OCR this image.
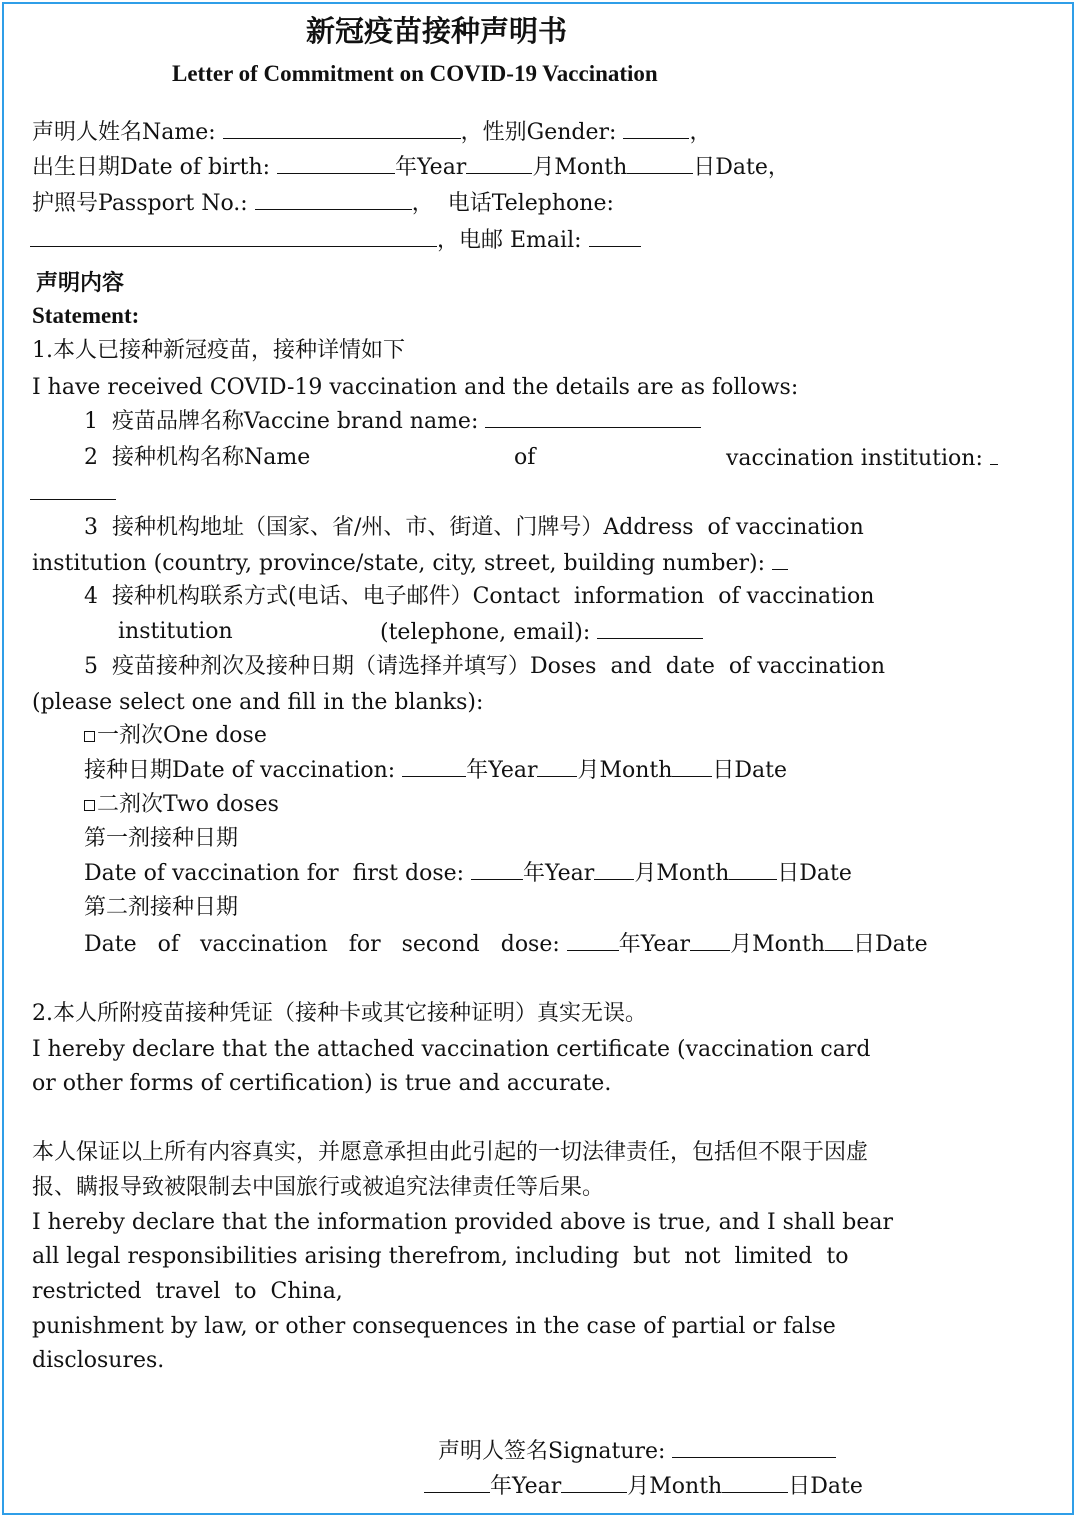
新冠疫苗接种声明书
Letter of Commitment on COVID-19 Vaccination
声明人姓名Name:	，性别Gender:	，
出生日期Date of birth:	年Year	月Month	日Date，
护照号Passport No.:	， 电话Telephone:
，电邮 Email:
声明内容
Statement:
1.本人已接种新冠疫苗，接种详情如下
I have received COVID-19 vaccination and the details are as follows:
1  疫苗品牌名称Vaccine brand name:
2  接种机构名称Name	of	vaccination institution:
3  接种机构地址（国家、省/州、市、街道、门牌号）Address  of vaccination
institution (country, province/state, city, street, building number):
4  接种机构联系方式(电话、电子邮件）Contact  information  of vaccination
institution	(telephone, email):
5  疫苗接种剂次及接种日期（请选择并填写）Doses  and  date  of vaccination
(please select one and fill in the blanks):
一剂次One dose
接种日期Date of vaccination:	年Year 月Month 日Date
二剂次Two doses
第一剂接种日期
Date of vaccination for  first dose:	年Year 月Month 日Date
第二剂接种日期
Date   of   vaccination   for   second   dose:	年Year 月Month 日Date
2.本人所附疫苗接种凭证（接种卡或其它接种证明）真实无误。
I hereby declare that the attached vaccination certificate (vaccination card
or other forms of certification) is true and accurate.
本人保证以上所有内容真实，并愿意承担由此引起的一切法律责任，包括但不限于因虚
报、瞒报导致被限制去中国旅行或被追究法律责任等后果。
I hereby declare that the information provided above is true, and I shall bear
all legal responsibilities arising therefrom, including  but  not  limited  to
restricted  travel  to  China,
punishment by law, or other consequences in the case of partial or false
disclosures.
声明人签名Signature:
年Year	月Month	日Date
